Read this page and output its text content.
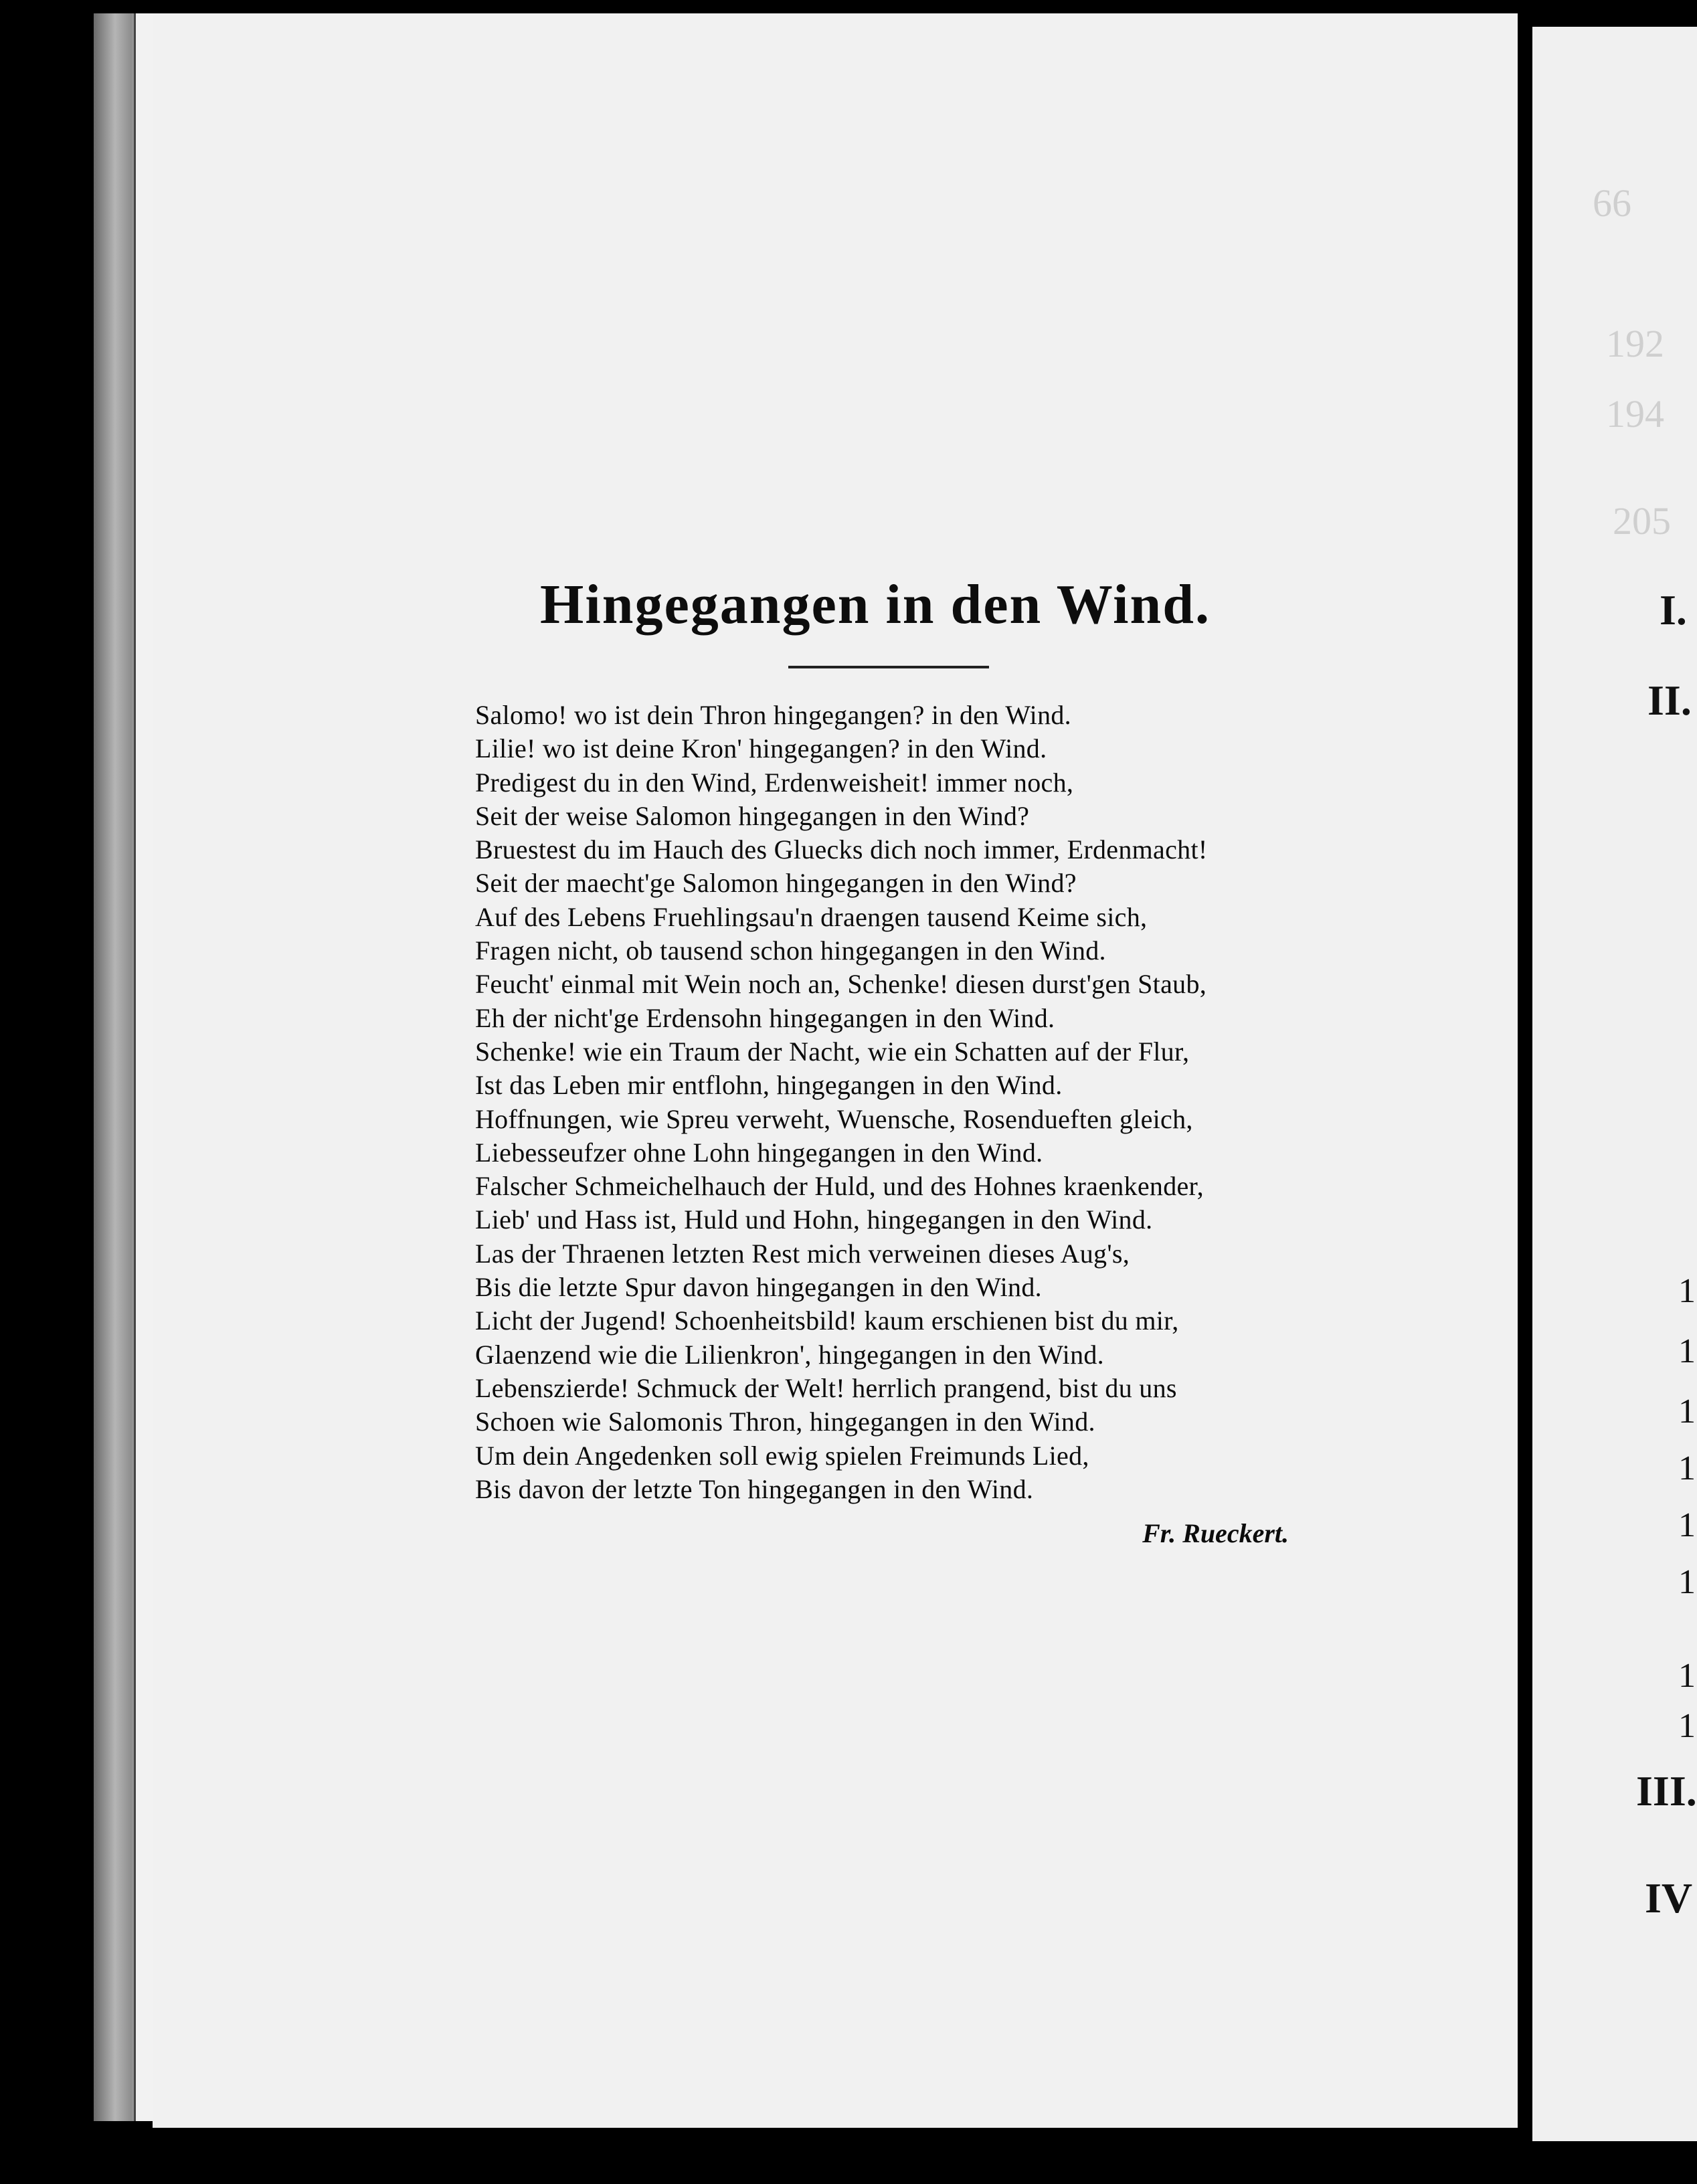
Hingegangen in den Wind.
Salomo! wo ist dein Thron hingegangen? in den Wind.
Lilie! wo ist deine Kron' hingegangen? in den Wind.
Predigest du in den Wind, Erdenweisheit! immer noch,
Seit der weise Salomon hingegangen in den Wind?
Bruestest du im Hauch des Gluecks dich noch immer, Erdenmacht!
Seit der maecht'ge Salomon hingegangen in den Wind?
Auf des Lebens Fruehlingsau'n draengen tausend Keime sich,
Fragen nicht, ob tausend schon hingegangen in den Wind.
Feucht' einmal mit Wein noch an, Schenke! diesen durst'gen Staub,
Eh der nicht'ge Erdensohn hingegangen in den Wind.
Schenke! wie ein Traum der Nacht, wie ein Schatten auf der Flur,
Ist das Leben mir entflohn, hingegangen in den Wind.
Hoffnungen, wie Spreu verweht, Wuensche, Rosendueften gleich,
Liebesseufzer ohne Lohn hingegangen in den Wind.
Falscher Schmeichelhauch der Huld, und des Hohnes kraenkender,
Lieb' und Hass ist, Huld und Hohn, hingegangen in den Wind.
Las der Thraenen letzten Rest mich verweinen dieses Aug's,
Bis die letzte Spur davon hingegangen in den Wind.
Licht der Jugend! Schoenheitsbild! kaum erschienen bist du mir,
Glaenzend wie die Lilienkron', hingegangen in den Wind.
Lebenszierde! Schmuck der Welt! herrlich prangend, bist du uns
Schoen wie Salomonis Thron, hingegangen in den Wind.
Um dein Angedenken soll ewig spielen Freimunds Lied,
Bis davon der letzte Ton hingegangen in den Wind.
Fr. Rueckert.
66
192
194
205
I.
II.
1
1
1
1
1
1
1
1
III.
IV
